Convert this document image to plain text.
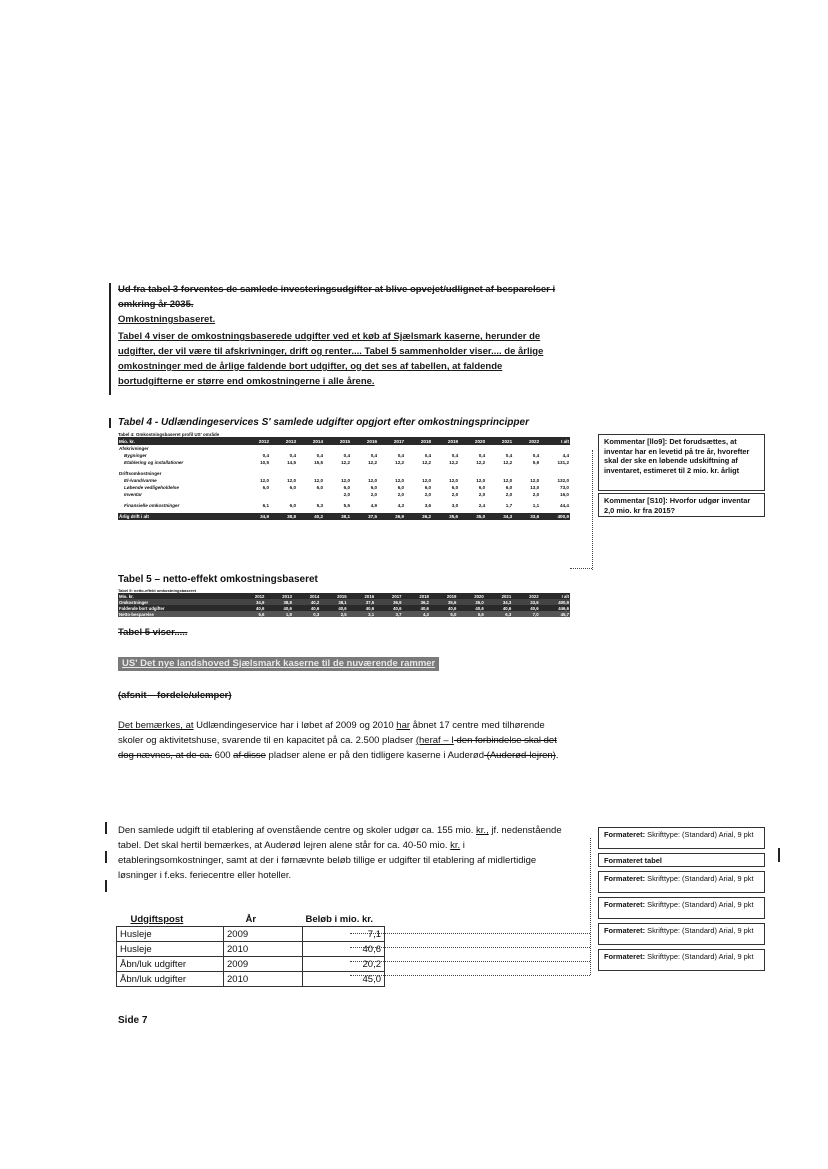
Ud fra tabel 3 forventes de samlede investeringsudgifter at blive opvejet/udlignet af besparelser i omkring år 2035.
Omkostningsbaseret.
Tabel 4 viser de omkostningsbaserede udgifter ved et køb af Sjælsmark kaserne, herunder de udgifter, der vil være til afskrivninger, drift og renter.... Tabel 5 sammenholder viser.... de årlige omkostninger med de årlige faldende bort udgifter, og det ses af tabellen, at faldende bortudgifterne er større end omkostningerne i alle årene.
Tabel 4 - Udlændingeservices S' samlede udgifter opgjort efter omkostningsprincipper
Tabel 4: Omkostningsbaseret profil US' område
Mio. kr.	2012	2013	2014	2015	2016	2017	2018	2019	2020	2021	2022	I alt
Afskrivninger												
Bygninger	0,4	0,4	0,4	0,4	0,4	0,4	0,4	0,4	0,4	0,4	0,4	4,4
Etablering og installationer	10,5	14,5	15,5	12,2	12,2	12,2	12,2	12,2	12,2	12,2	5,9	131,2

Driftsomkostninger												
El-/vand/varme	12,0	12,0	12,0	12,0	12,0	12,0	12,0	12,0	12,0	12,0	12,0	132,0
Løbende vedligeholdelse	6,0	6,0	6,0	6,0	6,0	6,0	6,0	6,0	6,0	6,0	13,0	73,0
Inventar				2,0	2,0	2,0	2,0	2,0	2,0	2,0	2,0	16,0

Finansielle omkostninger	6,1	6,0	5,3	5,5	4,9	4,3	3,6	3,0	2,4	1,7	1,1	44,4

Årlig drift i alt	34,9	38,8	40,2	38,1	37,5	36,9	36,2	35,6	35,0	34,3	33,6	400,9
Tabel 5 – netto-effekt omkostningsbaseret
Tabel 5: netto-effekt omkostningsbaseret
Mio. kr.	2012	2013	2014	2015	2016	2017	2018	2019	2020	2021	2022	I alt
Omkostninger	34,9	38,8	40,2	38,1	37,5	36,9	36,2	35,6	35,0	34,3	33,6	400,9
Faldende bort udgifter	40,6	40,6	40,6	40,6	40,6	40,6	40,6	40,6	40,6	40,6	40,6	446,6
Netto-besparelse	5,6	1,8	0,3	2,5	3,1	3,7	4,3	5,0	5,6	6,3	7,0	45,7
Tabel 5 viser.....
US' Det nye landshoved Sjælsmark kaserne til de nuværende rammer
(afsnit – fordele/ulemper)
Det bemærkes, at Udlændingeservice har i løbet af 2009 og 2010 har åbnet 17 centre med tilhørende skoler og aktivitetshuse, svarende til en kapacitet på ca. 2.500 pladser (heraf – I den forbindelse skal det dog nævnes, at de ca. 600 af disse pladser alene er på den tidligere kaserne i Auderød (Auderød-lejren).
Den samlede udgift til etablering af ovenstående centre og skoler udgør ca. 155 mio. kr., jf. nedenstående tabel. Det skal hertil bemærkes, at Auderød lejren alene står for ca. 40-50 mio. kr. i etableringsomkostninger, samt at der i førnævnte beløb tillige er udgifter til etablering af midlertidige løsninger i f.eks. feriecentre eller hoteller.
Udgiftspost	År	Beløb i mio. kr.
Husleje	2009	7,1
Husleje	2010	40,6
Åbn/luk udgifter	2009	20,2
Åbn/luk udgifter	2010	45,0
Kommentar [llo9]: Det forudsættes, at inventar har en levetid på tre år, hvorefter skal der ske en løbende udskiftning af inventaret, estimeret til 2 mio. kr. årligt
Kommentar [S10]: Hvorfor udgør inventar 2,0 mio. kr fra 2015?
Formateret: Skrifttype: (Standard) Arial, 9 pkt
Formateret tabel
Formateret: Skrifttype: (Standard) Arial, 9 pkt
Formateret: Skrifttype: (Standard) Arial, 9 pkt
Formateret: Skrifttype: (Standard) Arial, 9 pkt
Formateret: Skrifttype: (Standard) Arial, 9 pkt
Side 7
